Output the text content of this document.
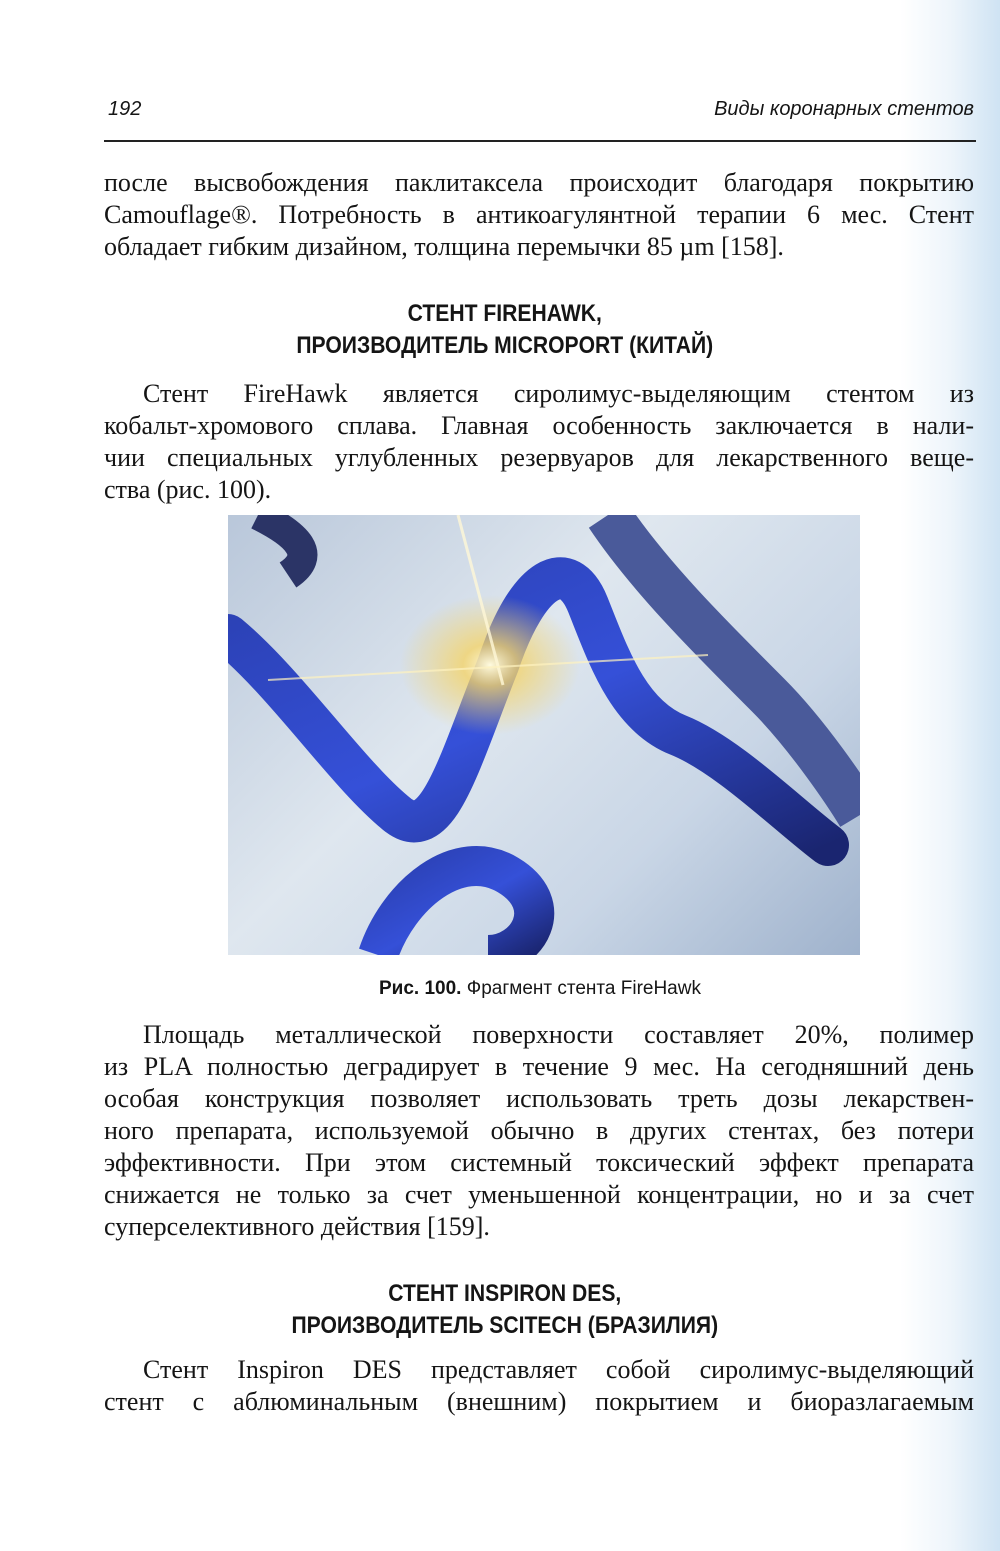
192	Виды коронарных стентов
после высвобождения паклитаксела происходит благодаря покрытию
Camouflage®. Потребность в антикоагулянтной терапии 6 мес. Стент
обладает гибким дизайном, толщина перемычки 85 µm [158].
СТЕНТ FIREHAWK,
ПРОИЗВОДИТЕЛЬ MICROPORT (КИТАЙ)
Стент FireHawk является сиролимус-выделяющим стентом из
кобальт-хромового сплава. Главная особенность заключается в нали-
чии специальных углубленных резервуаров для лекарственного веще-
ства (рис. 100).
Рис. 100. Фрагмент стента FireHawk
Площадь металлической поверхности составляет 20%, полимер
из PLA полностью деградирует в течение 9 мес. На сегодняшний день
особая конструкция позволяет использовать треть дозы лекарствен-
ного препарата, используемой обычно в других стентах, без потери
эффективности. При этом системный токсический эффект препарата
снижается не только за счет уменьшенной концентрации, но и за счет
суперселективного действия [159].
СТЕНТ INSPIRON DES,
ПРОИЗВОДИТЕЛЬ SCITECH (БРАЗИЛИЯ)
Стент Inspiron DES представляет собой сиролимус-выделяющий
стент с аблюминальным (внешним) покрытием и биоразлагаемым
